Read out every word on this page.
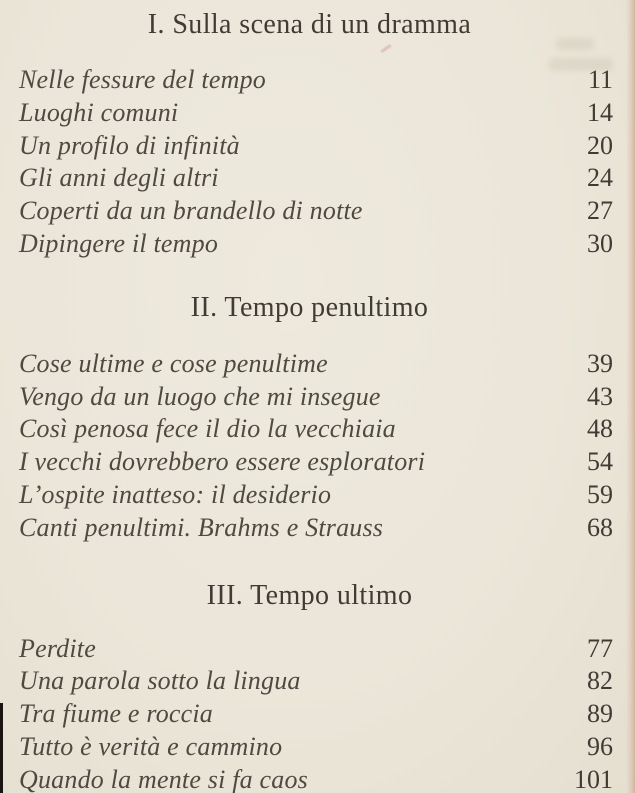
I. Sulla scena di un dramma
Nelle fessure del tempo	11
Luoghi comuni	14
Un profilo di infinità	20
Gli anni degli altri	24
Coperti da un brandello di notte	27
Dipingere il tempo	30
II. Tempo penultimo
Cose ultime e cose penultime	39
Vengo da un luogo che mi insegue	43
Così penosa fece il dio la vecchiaia	48
I vecchi dovrebbero essere esploratori	54
L’ospite inatteso: il desiderio	59
Canti penultimi. Brahms e Strauss	68
III. Tempo ultimo
Perdite	77
Una parola sotto la lingua	82
Tra fiume e roccia	89
Tutto è verità e cammino	96
Quando la mente si fa caos	101
